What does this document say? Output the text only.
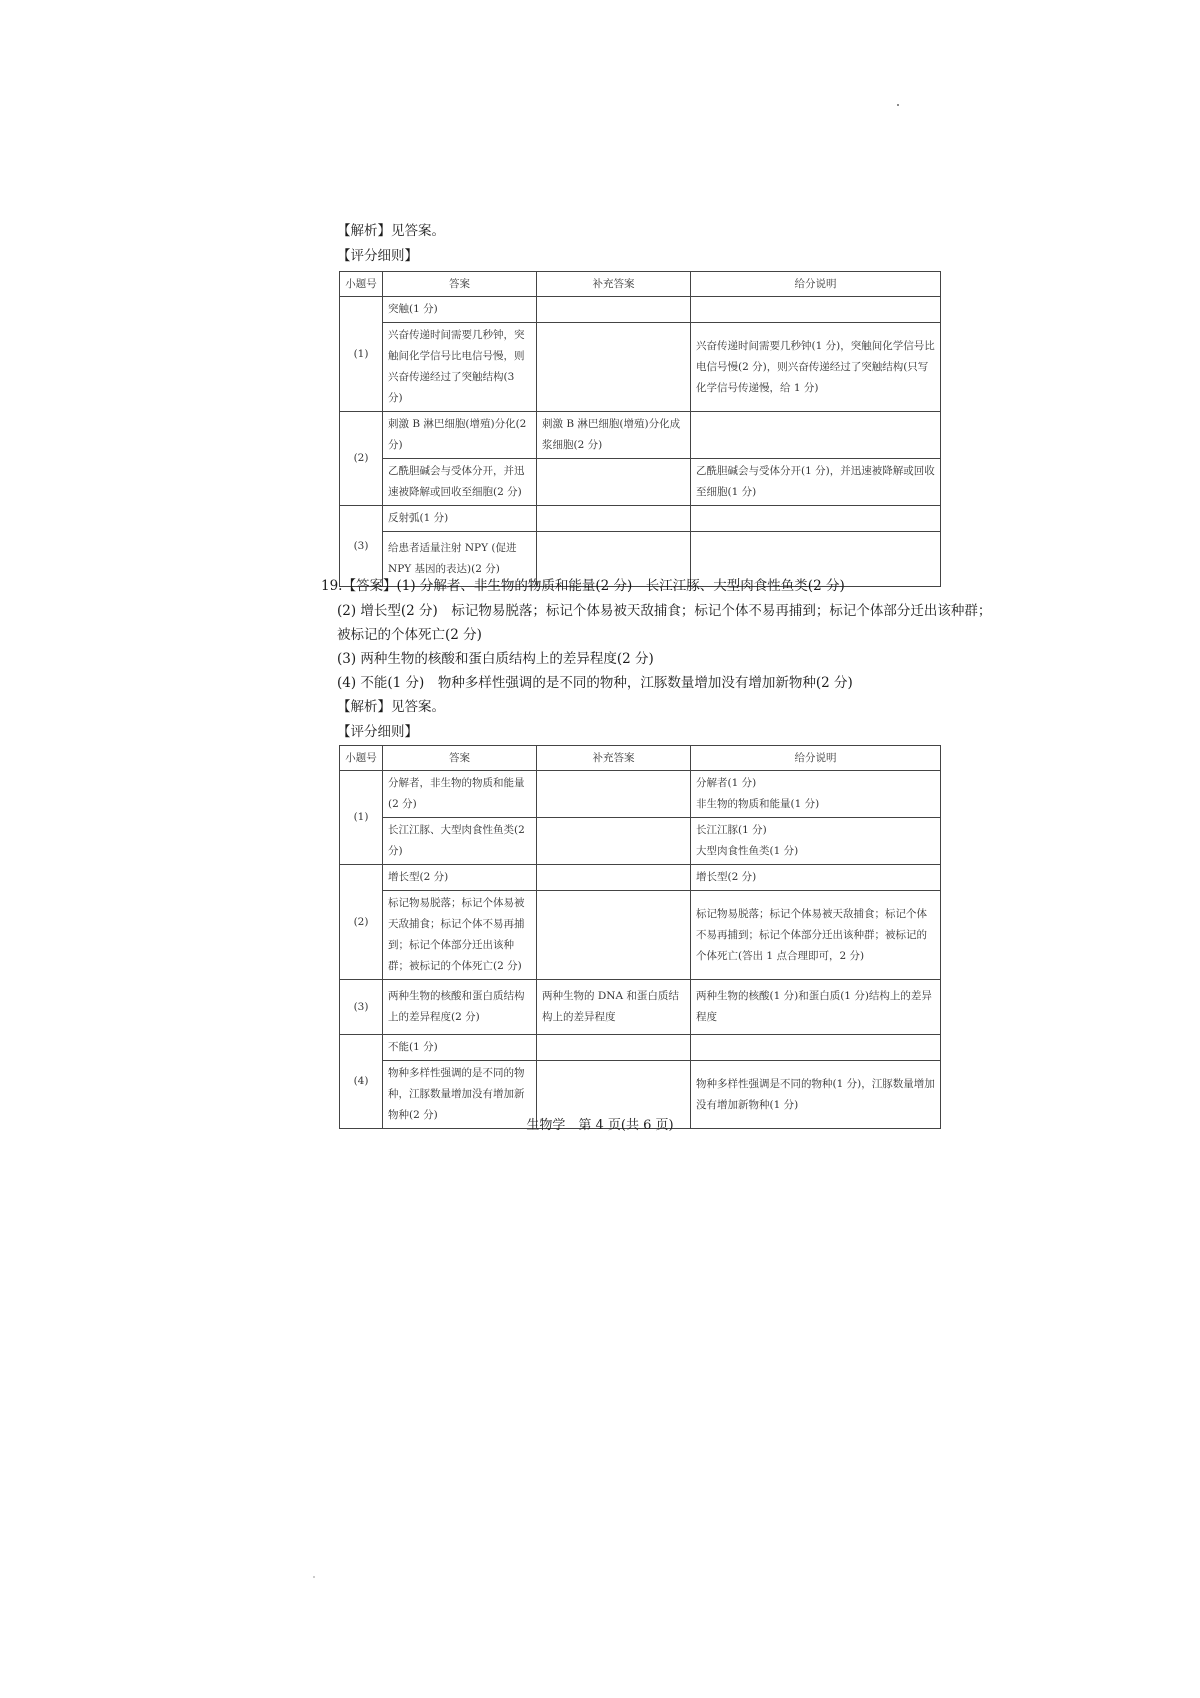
【解析】见答案。
【评分细则】
小题号	答案	补充答案	给分说明
(1)	突触(1 分)		
	兴奋传递时间需要几秒钟，突触间化学信号比电信号慢，则兴奋传递经过了突触结构(3 分)		兴奋传递时间需要几秒钟(1 分)，突触间化学信号比电信号慢(2 分)，则兴奋传递经过了突触结构(只写化学信号传递慢，给 1 分)
(2)	刺激 B 淋巴细胞(增殖)分化(2 分)	刺激 B 淋巴细胞(增殖)分化成浆细胞(2 分)	
	乙酰胆碱会与受体分开，并迅速被降解或回收至细胞(2 分)		乙酰胆碱会与受体分开(1 分)，并迅速被降解或回收至细胞(1 分)
(3)	反射弧(1 分)		
	给患者适量注射 NPY (促进 NPY 基因的表达)(2 分)		
19.【答案】(1) 分解者、非生物的物质和能量(2 分)　长江江豚、大型肉食性鱼类(2 分)
(2) 增长型(2 分)　标记物易脱落；标记个体易被天敌捕食；标记个体不易再捕到；标记个体部分迁出该种群；
被标记的个体死亡(2 分)
(3) 两种生物的核酸和蛋白质结构上的差异程度(2 分)
(4) 不能(1 分)　物种多样性强调的是不同的物种，江豚数量增加没有增加新物种(2 分)
【解析】见答案。
【评分细则】
小题号	答案	补充答案	给分说明
(1)	分解者，非生物的物质和能量(2 分)		分解者(1 分)
非生物的物质和能量(1 分)

	长江江豚、大型肉食性鱼类(2 分)		长江江豚(1 分)
大型肉食性鱼类(1 分)

(2)	增长型(2 分)		增长型(2 分)
	标记物易脱落；标记个体易被天敌捕食；标记个体不易再捕到；标记个体部分迁出该种群；被标记的个体死亡(2 分)		标记物易脱落；标记个体易被天敌捕食；标记个体不易再捕到；标记个体部分迁出该种群；被标记的个体死亡(答出 1 点合理即可，2 分)
(3)	两种生物的核酸和蛋白质结构上的差异程度(2 分)	两种生物的 DNA 和蛋白质结构上的差异程度	两种生物的核酸(1 分)和蛋白质(1 分)结构上的差异程度
(4)	不能(1 分)		
	物种多样性强调的是不同的物种，江豚数量增加没有增加新物种(2 分)		物种多样性强调是不同的物种(1 分)，江豚数量增加没有增加新物种(1 分)
生物学　第 4 页(共 6 页)
